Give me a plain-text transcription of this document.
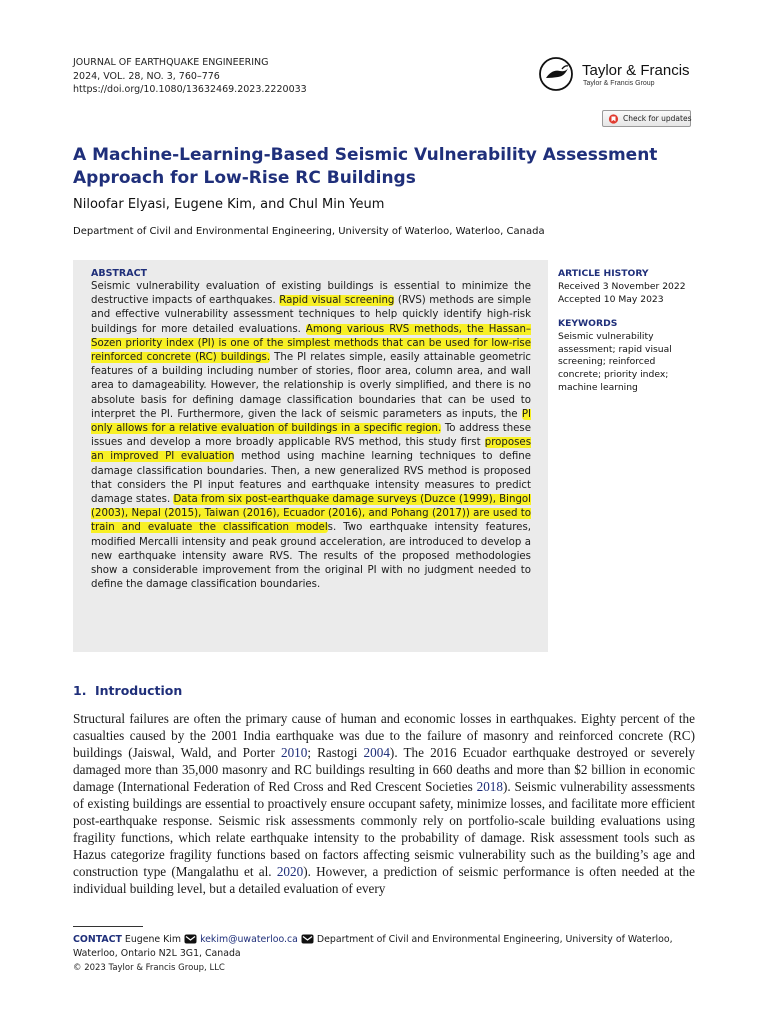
JOURNAL OF EARTHQUAKE ENGINEERING
2024, VOL. 28, NO. 3, 760–776
https://doi.org/10.1080/13632469.2023.2220033
Taylor & Francis
Taylor & Francis Group
Check for updates
A Machine-Learning-Based Seismic Vulnerability Assessment Approach for Low-Rise RC Buildings
Niloofar Elyasi, Eugene Kim, and Chul Min Yeum
Department of Civil and Environmental Engineering, University of Waterloo, Waterloo, Canada
ABSTRACT

Seismic vulnerability evaluation of existing buildings is essential to minimize the destructive impacts of earthquakes. Rapid visual screening (RVS) methods are simple and effective vulnerability assessment techniques to help quickly identify high-risk buildings for more detailed evaluations. Among various RVS methods, the Hassan–Sozen priority index (PI) is one of the simplest methods that can be used for low-rise reinforced concrete (RC) buildings. The PI relates simple, easily attainable geometric features of a building including number of stories, floor area, column area, and wall area to damageability. However, the relationship is overly simplified, and there is no absolute basis for defining damage classification boundaries that can be used to interpret the PI. Furthermore, given the lack of seismic parameters as inputs, the PI only allows for a relative evaluation of buildings in a specific region. To address these issues and develop a more broadly applicable RVS method, this study first proposes an improved PI evaluation method using machine learning techniques to define damage classification boundaries. Then, a new generalized RVS method is proposed that considers the PI input features and earthquake intensity measures to predict damage states. Data from six post-earthquake damage surveys (Duzce (1999), Bingol (2003), Nepal (2015), Taiwan (2016), Ecuador (2016), and Pohang (2017)) are used to train and evaluate the classification models. Two earthquake intensity features, modified Mercalli intensity and peak ground acceleration, are introduced to develop a new earthquake intensity aware RVS. The results of the proposed methodologies show a considerable improvement from the original PI with no judgment needed to define the damage classification boundaries.

ARTICLE HISTORY
Received 3 November 2022
Accepted 10 May 2023
KEYWORDS
Seismic vulnerability assessment; rapid visual screening; reinforced concrete; priority index; machine learning
1. Introduction

Structural failures are often the primary cause of human and economic losses in earthquakes. Eighty percent of the casualties caused by the 2001 India earthquake was due to the failure of masonry and reinforced concrete (RC) buildings (Jaiswal, Wald, and Porter 2010; Rastogi 2004). The 2016 Ecuador earthquake destroyed or severely damaged more than 35,000 masonry and RC buildings resulting in 660 deaths and more than $2 billion in economic damage (International Federation of Red Cross and Red Crescent Societies 2018). Seismic vulnerability assessments of existing buildings are essential to proactively ensure occupant safety, minimize losses, and facilitate more efficient post-earthquake response. Seismic risk assessments commonly rely on portfolio-scale building evaluations using fragility functions, which relate earthquake intensity to the probability of damage. Risk assessment tools such as Hazus categorize fragility functions based on factors affecting seismic vulnerability such as the building’s age and construction type (Mangalathu et al. 2020). However, a prediction of seismic performance is often needed at the individual building level, but a detailed evaluation of every

CONTACT Eugene Kim kekim@uwaterloo.ca Department of Civil and Environmental Engineering, University of Waterloo, Waterloo, Ontario N2L 3G1, Canada

© 2023 Taylor & Francis Group, LLC
